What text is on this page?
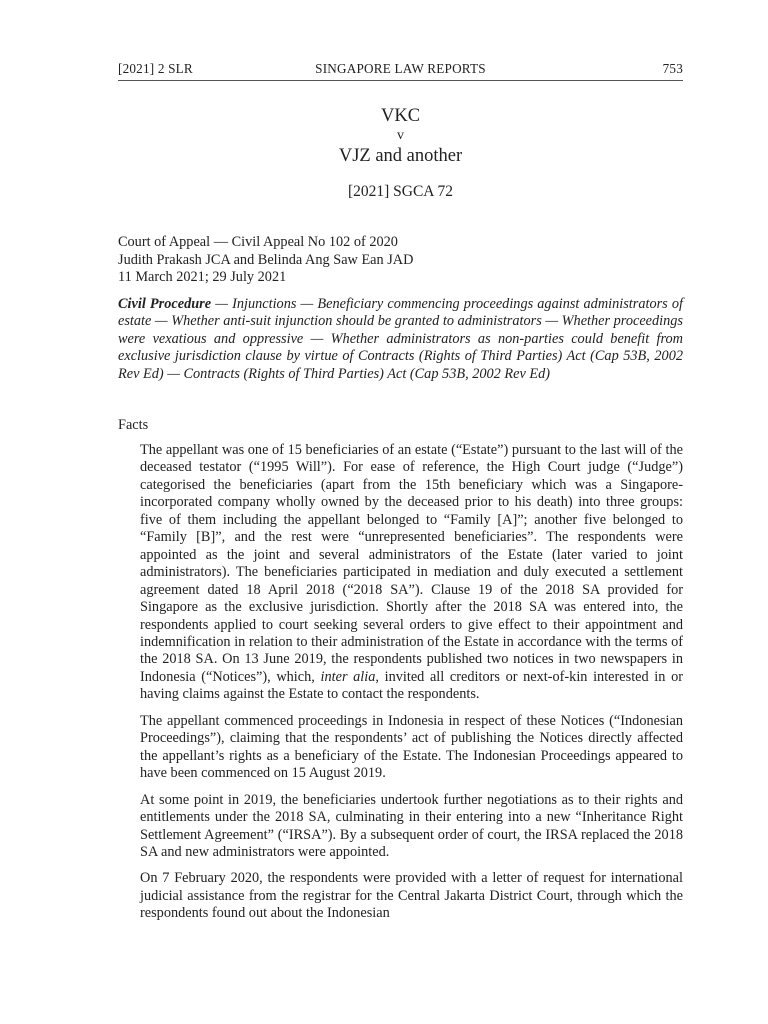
[2021] 2 SLR	SINGAPORE LAW REPORTS	753
VKC
v
VJZ and another
[2021] SGCA 72
Court of Appeal — Civil Appeal No 102 of 2020
Judith Prakash JCA and Belinda Ang Saw Ean JAD
11 March 2021; 29 July 2021
Civil Procedure — Injunctions — Beneficiary commencing proceedings against administrators of estate — Whether anti-suit injunction should be granted to administrators — Whether proceedings were vexatious and oppressive — Whether administrators as non-parties could benefit from exclusive jurisdiction clause by virtue of Contracts (Rights of Third Parties) Act (Cap 53B, 2002 Rev Ed) — Contracts (Rights of Third Parties) Act (Cap 53B, 2002 Rev Ed)
Facts

The appellant was one of 15 beneficiaries of an estate (“Estate”) pursuant to the last will of the deceased testator (“1995 Will”). For ease of reference, the High Court judge (“Judge”) categorised the beneficiaries (apart from the 15th beneficiary which was a Singapore-incorporated company wholly owned by the deceased prior to his death) into three groups: five of them including the appellant belonged to “Family [A]”; another five belonged to “Family [B]”, and the rest were “unrepresented beneficiaries”. The respondents were appointed as the joint and several administrators of the Estate (later varied to joint administrators). The beneficiaries participated in mediation and duly executed a settlement agreement dated 18 April 2018 (“2018 SA”). Clause 19 of the 2018 SA provided for Singapore as the exclusive jurisdiction. Shortly after the 2018 SA was entered into, the respondents applied to court seeking several orders to give effect to their appointment and indemnification in relation to their administration of the Estate in accordance with the terms of the 2018 SA. On 13 June 2019, the respondents published two notices in two newspapers in Indonesia (“Notices”), which, inter alia, invited all creditors or next-of-kin interested in or having claims against the Estate to contact the respondents.

The appellant commenced proceedings in Indonesia in respect of these Notices (“Indonesian Proceedings”), claiming that the respondents’ act of publishing the Notices directly affected the appellant’s rights as a beneficiary of the Estate. The Indonesian Proceedings appeared to have been commenced on 15 August 2019.

At some point in 2019, the beneficiaries undertook further negotiations as to their rights and entitlements under the 2018 SA, culminating in their entering into a new “Inheritance Right Settlement Agreement” (“IRSA”). By a subsequent order of court, the IRSA replaced the 2018 SA and new administrators were appointed.

On 7 February 2020, the respondents were provided with a letter of request for international judicial assistance from the registrar for the Central Jakarta District Court, through which the respondents found out about the Indonesian
